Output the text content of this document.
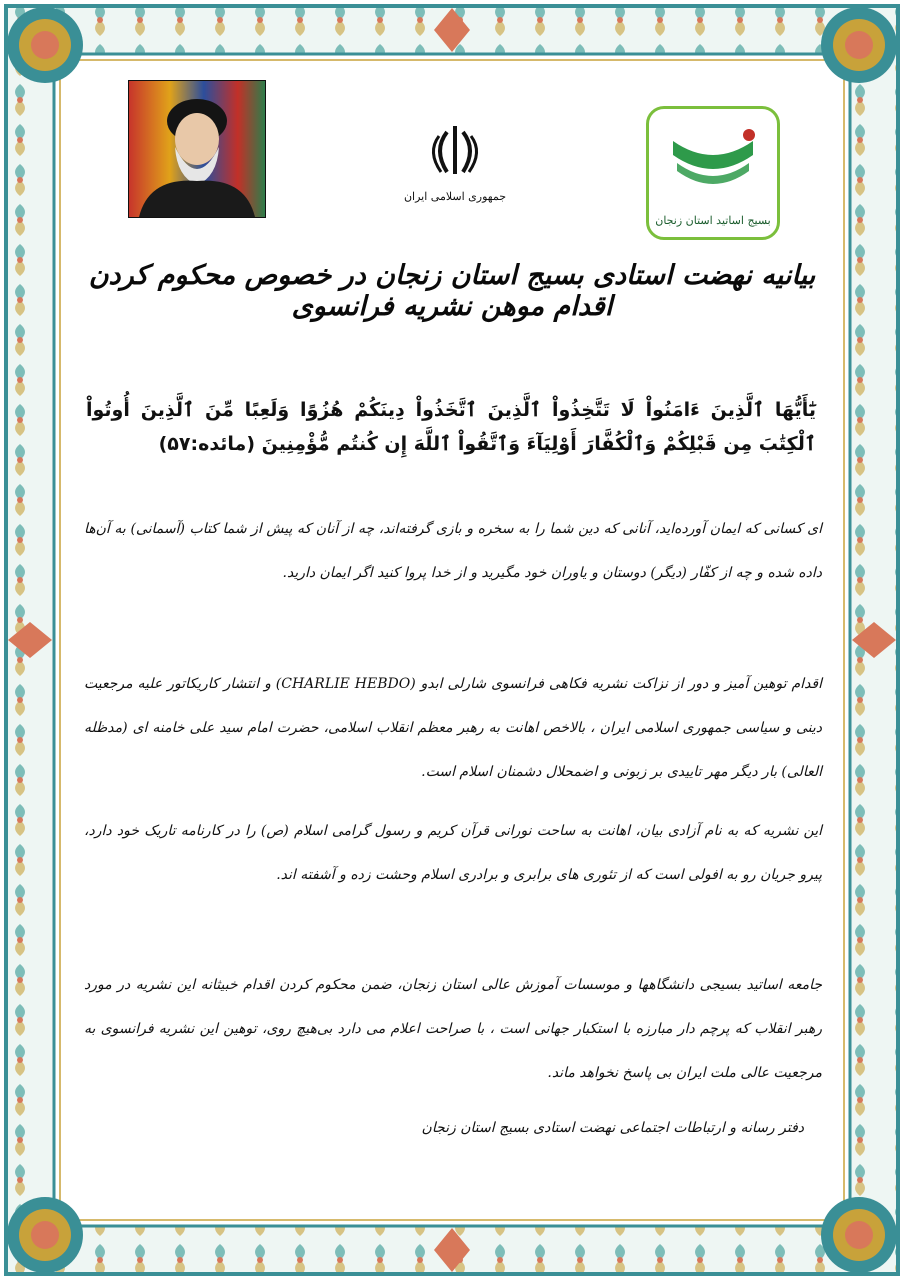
جمهوری اسلامی ایران
بسیج اساتید استان زنجان
بیانیه نهضت استادی بسیج استان زنجان در خصوص محکوم کردن اقدام موهن نشریه فرانسوی
یَٰٓأَيُّهَا ٱلَّذِينَ ءَامَنُواْ لَا تَتَّخِذُواْ ٱلَّذِينَ ٱتَّخَذُواْ دِينَكُمْ هُزُوًا وَلَعِبًا مِّنَ ٱلَّذِينَ أُوتُواْ ٱلْكِتَٰبَ مِن قَبْلِكُمْ وَٱلْكُفَّارَ أَوْلِيَآءَ وَٱتَّقُواْ ٱللَّهَ إِن كُنتُم مُّؤْمِنِينَ (مائده:۵۷)
ای کسانی که ایمان آورده‌اید، آنانی که دین شما را به سخره و بازی گرفته‌اند، چه از آنان که پیش از شما کتاب (آسمانی) به آن‌ها داده شده و چه از کفّار (دیگر) دوستان و یاوران خود مگیرید و از خدا پروا کنید اگر ایمان دارید.
اقدام توهین آمیز و دور از نزاکت نشریه فکاهی فرانسوی شارلی ابدو (CHARLIE HEBDO) و انتشار کاریکاتور علیه مرجعیت دینی و سیاسی جمهوری اسلامی ایران ، بالاخص اهانت به رهبر معظم انقلاب اسلامی، حضرت امام سید علی خامنه ای (مدظله العالی) بار دیگر مهر تاییدی بر زبونی و اضمحلال دشمنان اسلام است.
این نشریه که به نام آزادی بیان، اهانت به ساحت نورانی قرآن کریم و رسول گرامی اسلام (ص) را در کارنامه تاریک خود دارد، پیرو جریان رو به افولی است که از تئوری های برابری و برادری اسلام وحشت زده و آشفته اند.
جامعه اساتید بسیجی دانشگاهها و موسسات آموزش عالی استان زنجان، ضمن محکوم کردن اقدام خبیثانه این نشریه در مورد رهبر انقلاب که پرچم دار مبارزه با استکبار جهانی است ، با صراحت اعلام می دارد بی‌هیچ روی، توهین این نشریه فرانسوی به مرجعیت عالی ملت ایران بی پاسخ نخواهد ماند.
دفتر رسانه و ارتباطات اجتماعی نهضت استادی بسیج استان زنجان
